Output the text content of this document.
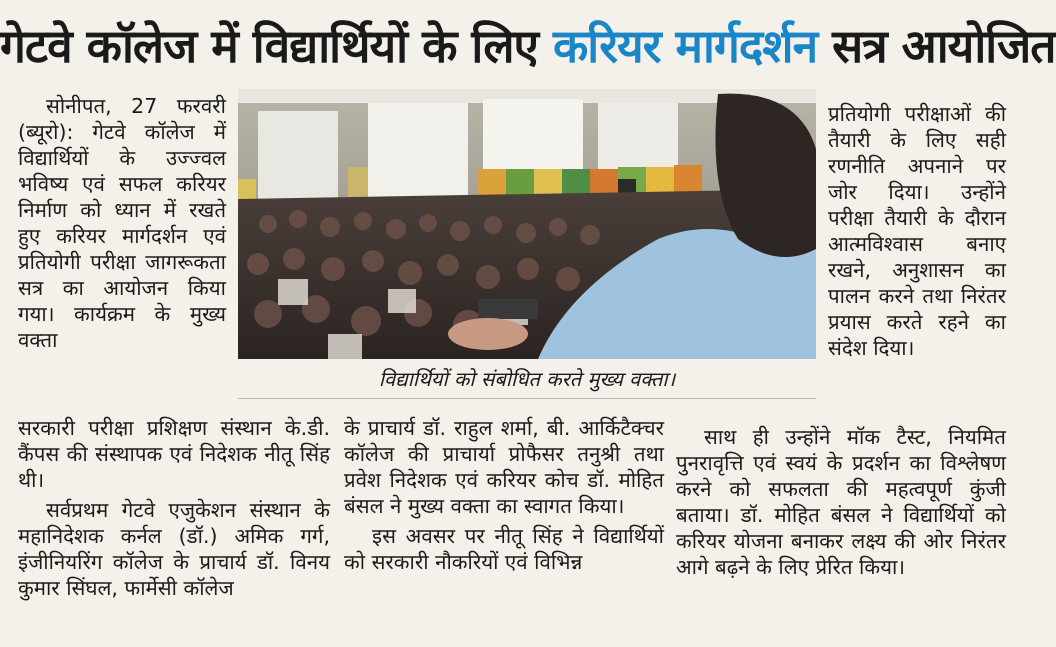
गेटवे कॉलेज में विद्यार्थियों के लिए करियर मार्गदर्शन सत्र आयोजित

सोनीपत, 27 फरवरी (ब्यूरो): गेटवे कॉलेज में विद्यार्थियों के उज्ज्वल भविष्य एवं सफल करियर निर्माण को ध्यान में रखते हुए करियर मार्गदर्शन एवं प्रतियोगी परीक्षा जागरूकता सत्र का आयोजन किया गया। कार्यक्रम के मुख्य वक्ता

सरकारी परीक्षा प्रशिक्षण संस्थान के.डी. कैंपस की संस्थापक एवं निदेशक नीतू सिंह थी।

सर्वप्रथम गेटवे एजुकेशन संस्थान के महानिदेशक कर्नल (डॉ.) अमिक गर्ग, इंजीनियरिंग कॉलेज के प्राचार्य डॉ. विनय कुमार सिंघल, फार्मेसी कॉलेज

विद्यार्थियों को संबोधित करते मुख्य वक्ता।

के प्राचार्य डॉ. राहुल शर्मा, बी. आर्किटैक्चर कॉलेज की प्राचार्या प्रोफैसर तनुश्री तथा प्रवेश निदेशक एवं करियर कोच डॉ. मोहित बंसल ने मुख्य वक्ता का स्वागत किया।

इस अवसर पर नीतू सिंह ने विद्यार्थियों को सरकारी नौकरियों एवं विभिन्न

प्रतियोगी परीक्षाओं की तैयारी के लिए सही रणनीति अपनाने पर जोर दिया। उन्होंने परीक्षा तैयारी के दौरान आत्मविश्वास बनाए रखने, अनुशासन का पालन करने तथा निरंतर प्रयास करते रहने का संदेश दिया।

साथ ही उन्होंने मॉक टैस्ट, नियमित पुनरावृत्ति एवं स्वयं के प्रदर्शन का विश्लेषण करने को सफलता की महत्वपूर्ण कुंजी बताया। डॉ. मोहित बंसल ने विद्यार्थियों को करियर योजना बनाकर लक्ष्य की ओर निरंतर आगे बढ़ने के लिए प्रेरित किया।
